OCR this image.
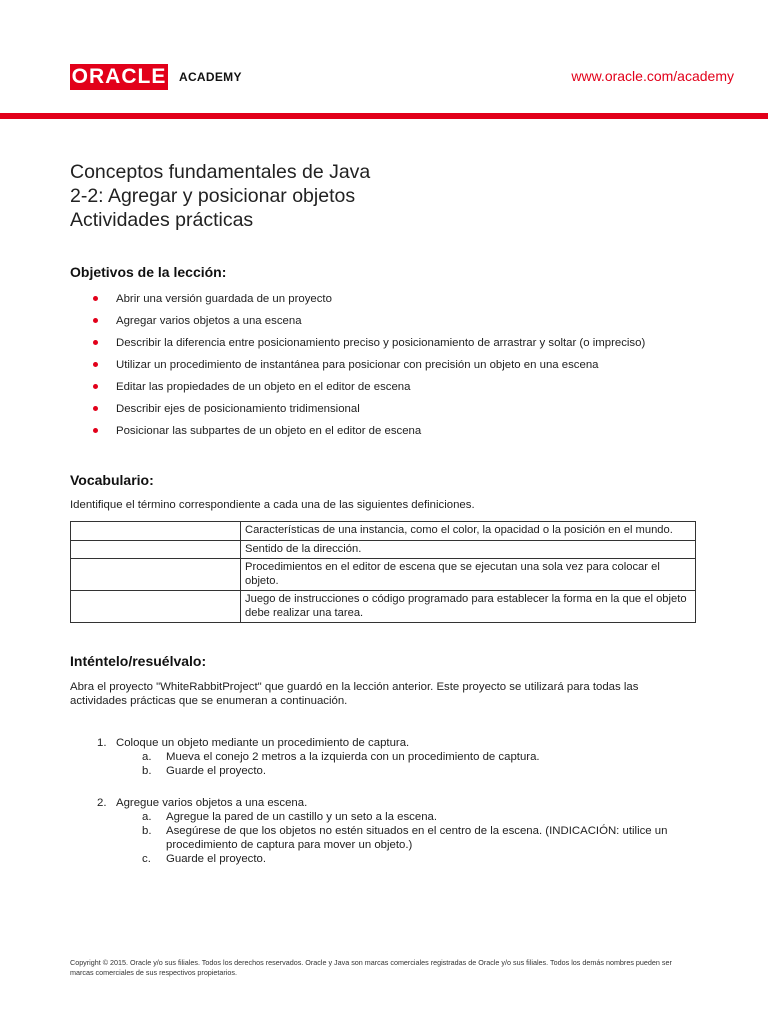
ORACLE ACADEMY	www.oracle.com/academy
Conceptos fundamentales de Java
2-2: Agregar y posicionar objetos
Actividades prácticas
Objetivos de la lección:
Abrir una versión guardada de un proyecto
Agregar varios objetos a una escena
Describir la diferencia entre posicionamiento preciso y posicionamiento de arrastrar y soltar (o impreciso)
Utilizar un procedimiento de instantánea para posicionar con precisión un objeto en una escena
Editar las propiedades de un objeto en el editor de escena
Describir ejes de posicionamiento tridimensional
Posicionar las subpartes de un objeto en el editor de escena
Vocabulario:
Identifique el término correspondiente a cada una de las siguientes definiciones.
	Características de una instancia, como el color, la opacidad o la posición en el mundo.
	Sentido de la dirección.
	Procedimientos en el editor de escena que se ejecutan una sola vez para colocar el objeto.
	Juego de instrucciones o código programado para establecer la forma en la que el objeto debe realizar una tarea.
Inténtelo/resuélvalo:
Abra el proyecto "WhiteRabbitProject" que guardó en la lección anterior. Este proyecto se utilizará para todas las actividades prácticas que se enumeran a continuación.
1. Coloque un objeto mediante un procedimiento de captura.
a. Mueva el conejo 2 metros a la izquierda con un procedimiento de captura.
b. Guarde el proyecto.
2. Agregue varios objetos a una escena.
a. Agregue la pared de un castillo y un seto a la escena.
b. Asegúrese de que los objetos no estén situados en el centro de la escena. (INDICACIÓN: utilice un procedimiento de captura para mover un objeto.)
c. Guarde el proyecto.
Copyright © 2015. Oracle y/o sus filiales. Todos los derechos reservados. Oracle y Java son marcas comerciales registradas de Oracle y/o sus filiales. Todos los demás nombres pueden ser marcas comerciales de sus respectivos propietarios.
